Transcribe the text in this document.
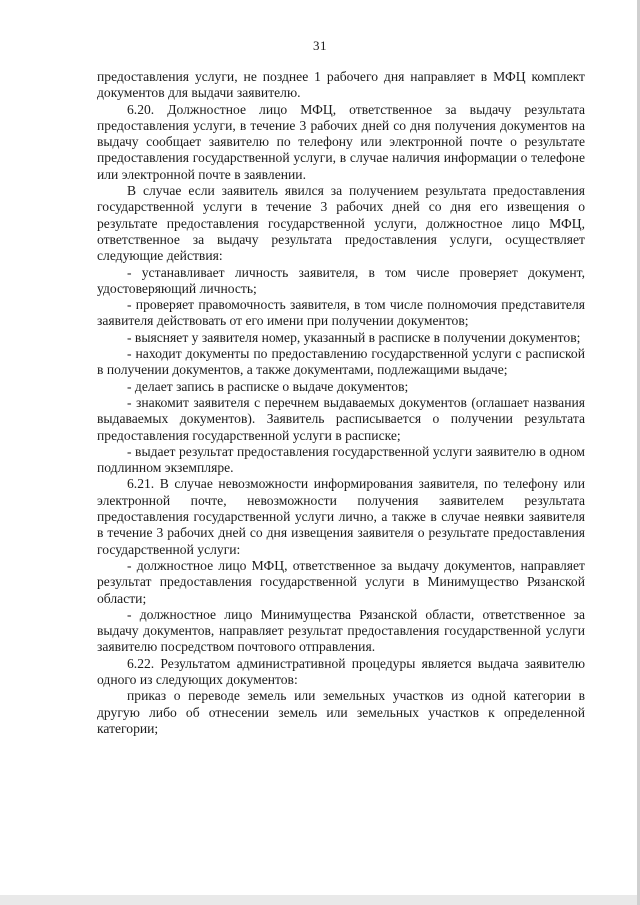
31

предоставления услуги, не позднее 1 рабочего дня направляет в МФЦ комплект документов для выдачи заявителю.

6.20. Должностное лицо МФЦ, ответственное за выдачу результата предоставления услуги, в течение 3 рабочих дней со дня получения документов на выдачу сообщает заявителю по телефону или электронной почте о результате предоставления государственной услуги, в случае наличия информации о телефоне или электронной почте в заявлении.

В случае если заявитель явился за получением результата предоставления государственной услуги в течение 3 рабочих дней со дня его извещения о результате предоставления государственной услуги, должностное лицо МФЦ, ответственное за выдачу результата предоставления услуги, осуществляет следующие действия:

- устанавливает личность заявителя, в том числе проверяет документ, удостоверяющий личность;

- проверяет правомочность заявителя, в том числе полномочия представителя заявителя действовать от его имени при получении документов;

- выясняет у заявителя номер, указанный в расписке в получении документов;

- находит документы по предоставлению государственной услуги с распиской в получении документов, а также документами, подлежащими выдаче;

- делает запись в расписке о выдаче документов;

- знакомит заявителя с перечнем выдаваемых документов (оглашает названия выдаваемых документов). Заявитель расписывается о получении результата предоставления государственной услуги в расписке;

- выдает результат предоставления государственной услуги заявителю в одном подлинном экземпляре.

6.21. В случае невозможности информирования заявителя, по телефону или электронной почте, невозможности получения заявителем результата предоставления государственной услуги лично, а также в случае неявки заявителя в течение 3 рабочих дней со дня извещения заявителя о результате предоставления государственной услуги:

- должностное лицо МФЦ, ответственное за выдачу документов, направляет результат предоставления государственной услуги в Минимущество Рязанской области;

- должностное лицо Минимущества Рязанской области, ответственное за выдачу документов, направляет результат предоставления государственной услуги заявителю посредством почтового отправления.

6.22. Результатом административной процедуры является выдача заявителю одного из следующих документов:

приказ о переводе земель или земельных участков из одной категории в другую либо об отнесении земель или земельных участков к определенной категории;
